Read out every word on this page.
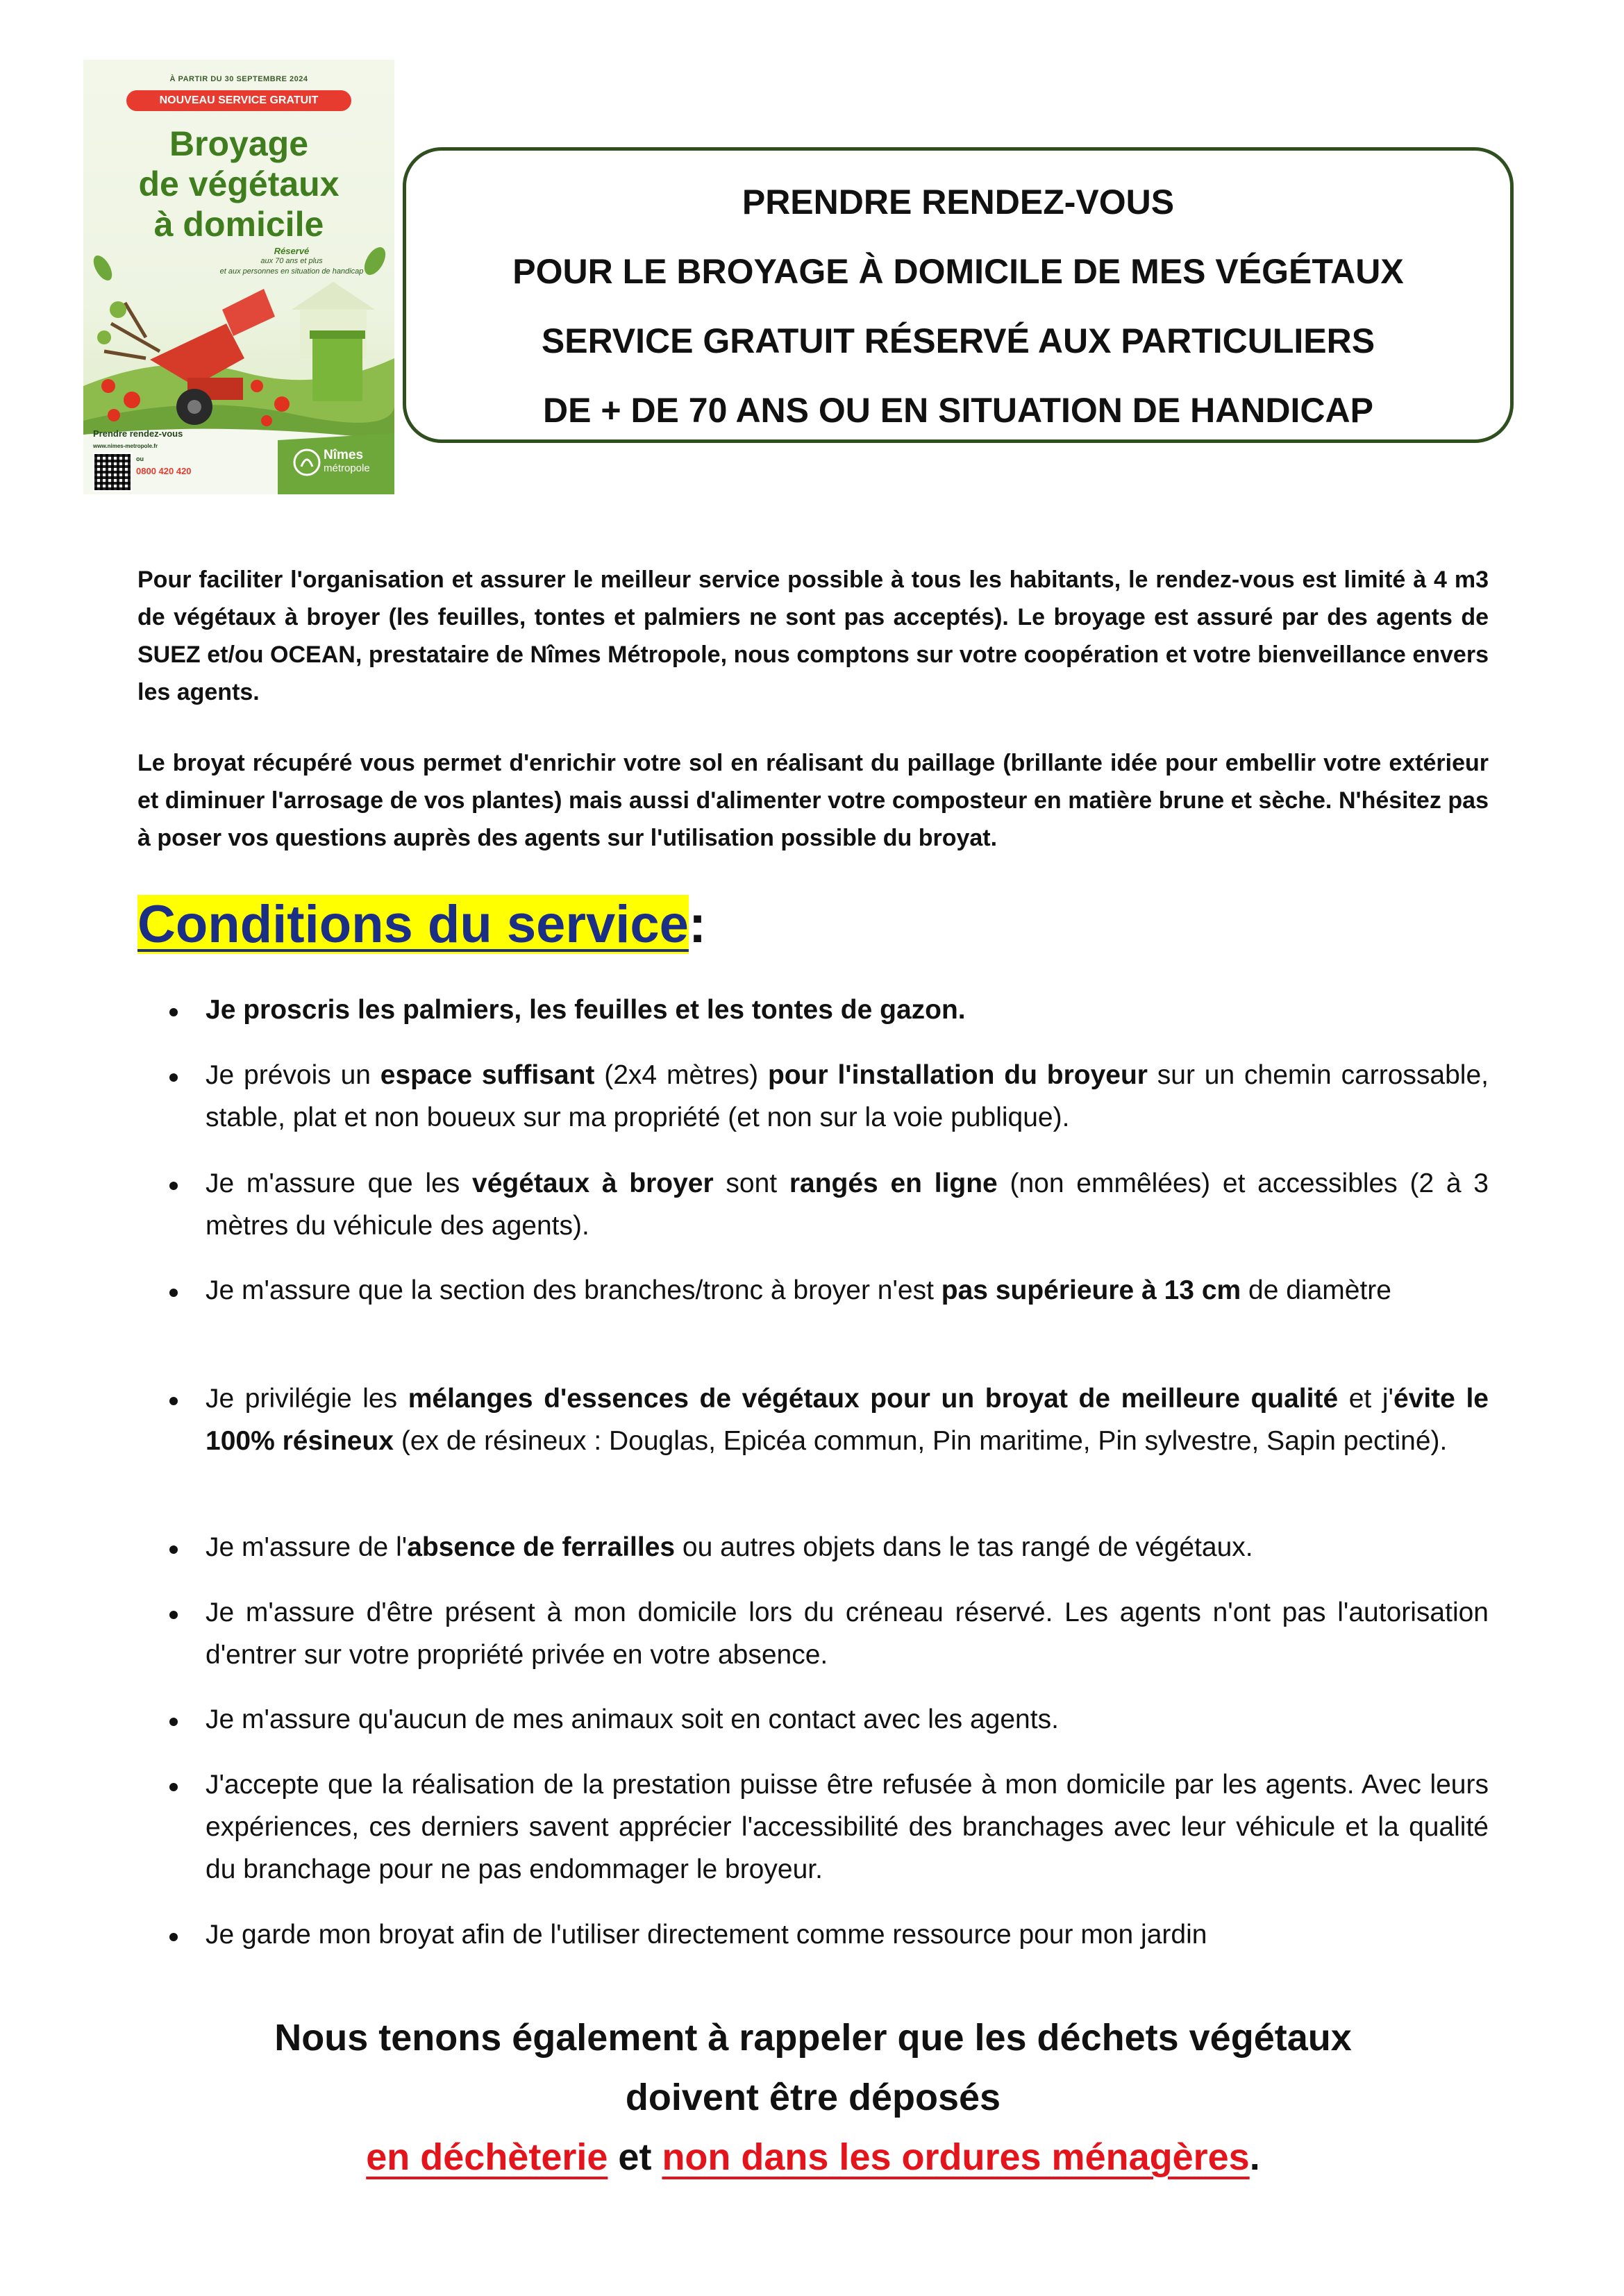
À PARTIR DU 30 SEPTEMBRE 2024
NOUVEAU SERVICE GRATUIT
Broyage
de végétaux
à domicile
Réservé
aux 70 ans et plus
et aux personnes en situation de handicap
Prendre rendez-vous
www.nimes-metropole.fr
ou
0800 420 420
Nîmes
métropole
PRENDRE RENDEZ-VOUS
POUR LE BROYAGE À DOMICILE DE MES VÉGÉTAUX
SERVICE GRATUIT RÉSERVÉ AUX PARTICULIERS
DE + DE 70 ANS OU EN SITUATION DE HANDICAP
Pour faciliter l'organisation et assurer le meilleur service possible à tous les habitants, le rendez-vous est limité à 4 m3 de végétaux à broyer (les feuilles, tontes et palmiers ne sont pas acceptés). Le broyage est assuré par des agents de SUEZ et/ou OCEAN, prestataire de Nîmes Métropole, nous comptons sur votre coopération et votre bienveillance envers les agents.
Le broyat récupéré vous permet d'enrichir votre sol en réalisant du paillage (brillante idée pour embellir votre extérieur et diminuer l'arrosage de vos plantes) mais aussi d'alimenter votre composteur en matière brune et sèche. N'hésitez pas à poser vos questions auprès des agents sur l'utilisation possible du broyat.
Conditions du service:
Je proscris les palmiers, les feuilles et les tontes de gazon.
Je prévois un espace suffisant (2x4 mètres) pour l'installation du broyeur sur un chemin carrossable, stable, plat et non boueux sur ma propriété (et non sur la voie publique).
Je m'assure que les végétaux à broyer sont rangés en ligne (non emmêlées) et accessibles (2 à 3 mètres du véhicule des agents).
Je m'assure que la section des branches/tronc à broyer n'est pas supérieure à 13 cm de diamètre
Je privilégie les mélanges d'essences de végétaux pour un broyat de meilleure qualité et j'évite le 100% résineux (ex de résineux : Douglas, Epicéa commun, Pin maritime, Pin sylvestre, Sapin pectiné).
Je m'assure de l'absence de ferrailles ou autres objets dans le tas rangé de végétaux.
Je m'assure d'être présent à mon domicile lors du créneau réservé. Les agents n'ont pas l'autorisation d'entrer sur votre propriété privée en votre absence.
Je m'assure qu'aucun de mes animaux soit en contact avec les agents.
J'accepte que la réalisation de la prestation puisse être refusée à mon domicile par les agents. Avec leurs expériences, ces derniers savent apprécier l'accessibilité des branchages avec leur véhicule et la qualité du branchage pour ne pas endommager le broyeur.
Je garde mon broyat afin de l'utiliser directement comme ressource pour mon jardin
Nous tenons également à rappeler que les déchets végétaux
doivent être déposés
en déchèterie et non dans les ordures ménagères.
